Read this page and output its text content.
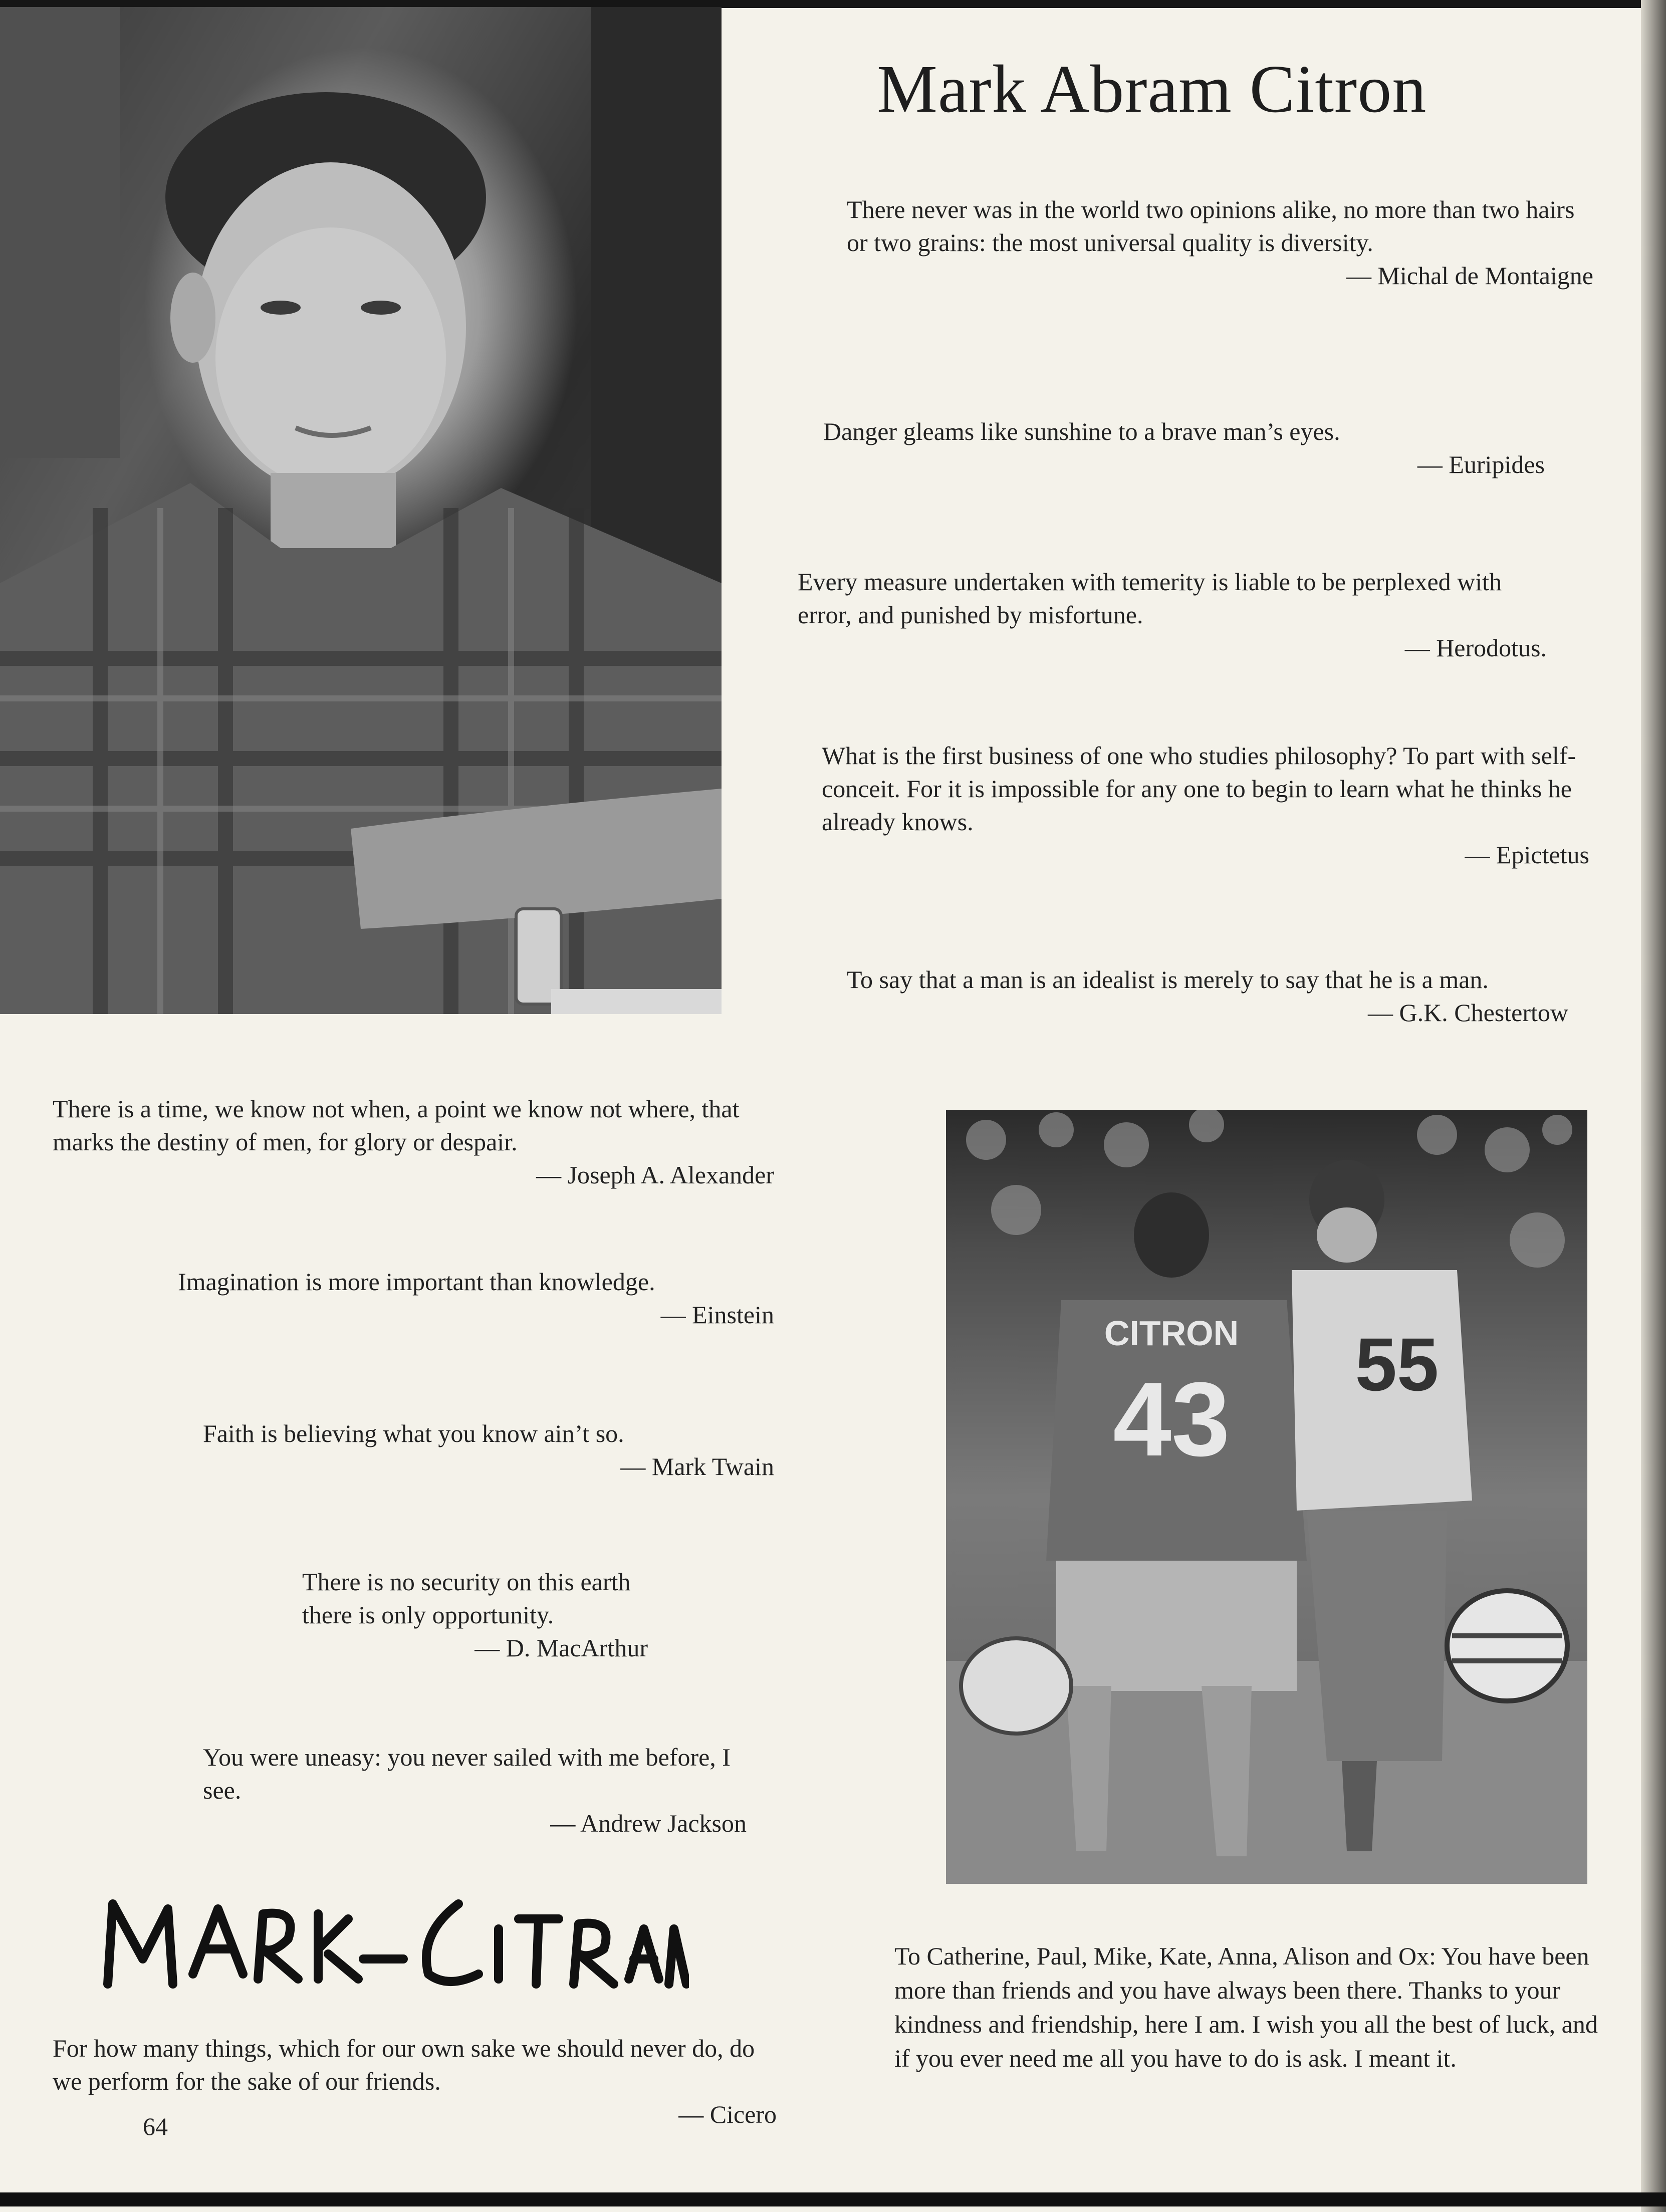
Mark Abram Citron
There never was in the world two opinions alike, no more than two hairs or two grains: the most universal quality is diversity.
— Michal de Montaigne
Danger gleams like sunshine to a brave man’s eyes.
— Euripides
Every measure undertaken with temerity is liable to be perplexed with error, and punished by misfortune.
— Herodotus.
What is the first business of one who studies philosophy? To part with self-conceit. For it is impossible for any one to begin to learn what he thinks he already knows.
— Epictetus
To say that a man is an idealist is merely to say that he is a man.
— G.K. Chestertow
There is a time, we know not when, a point we know not where, that marks the destiny of men, for glory or despair.
— Joseph A. Alexander
Imagination is more important than knowledge.
— Einstein
Faith is believing what you know ain’t so.
— Mark Twain
There is no security on this earth there is only opportunity.
— D. MacArthur
You were uneasy: you never sailed with me before, I see.
— Andrew Jackson
CITRON
43 55
Mark Citron
For how many things, which for our own sake we should never do, do we perform for the sake of our friends.
— Cicero
64
To Catherine, Paul, Mike, Kate, Anna, Alison and Ox: You have been more than friends and you have always been there. Thanks to your kindness and friendship, here I am. I wish you all the best of luck, and if you ever need me all you have to do is ask. I meant it.
